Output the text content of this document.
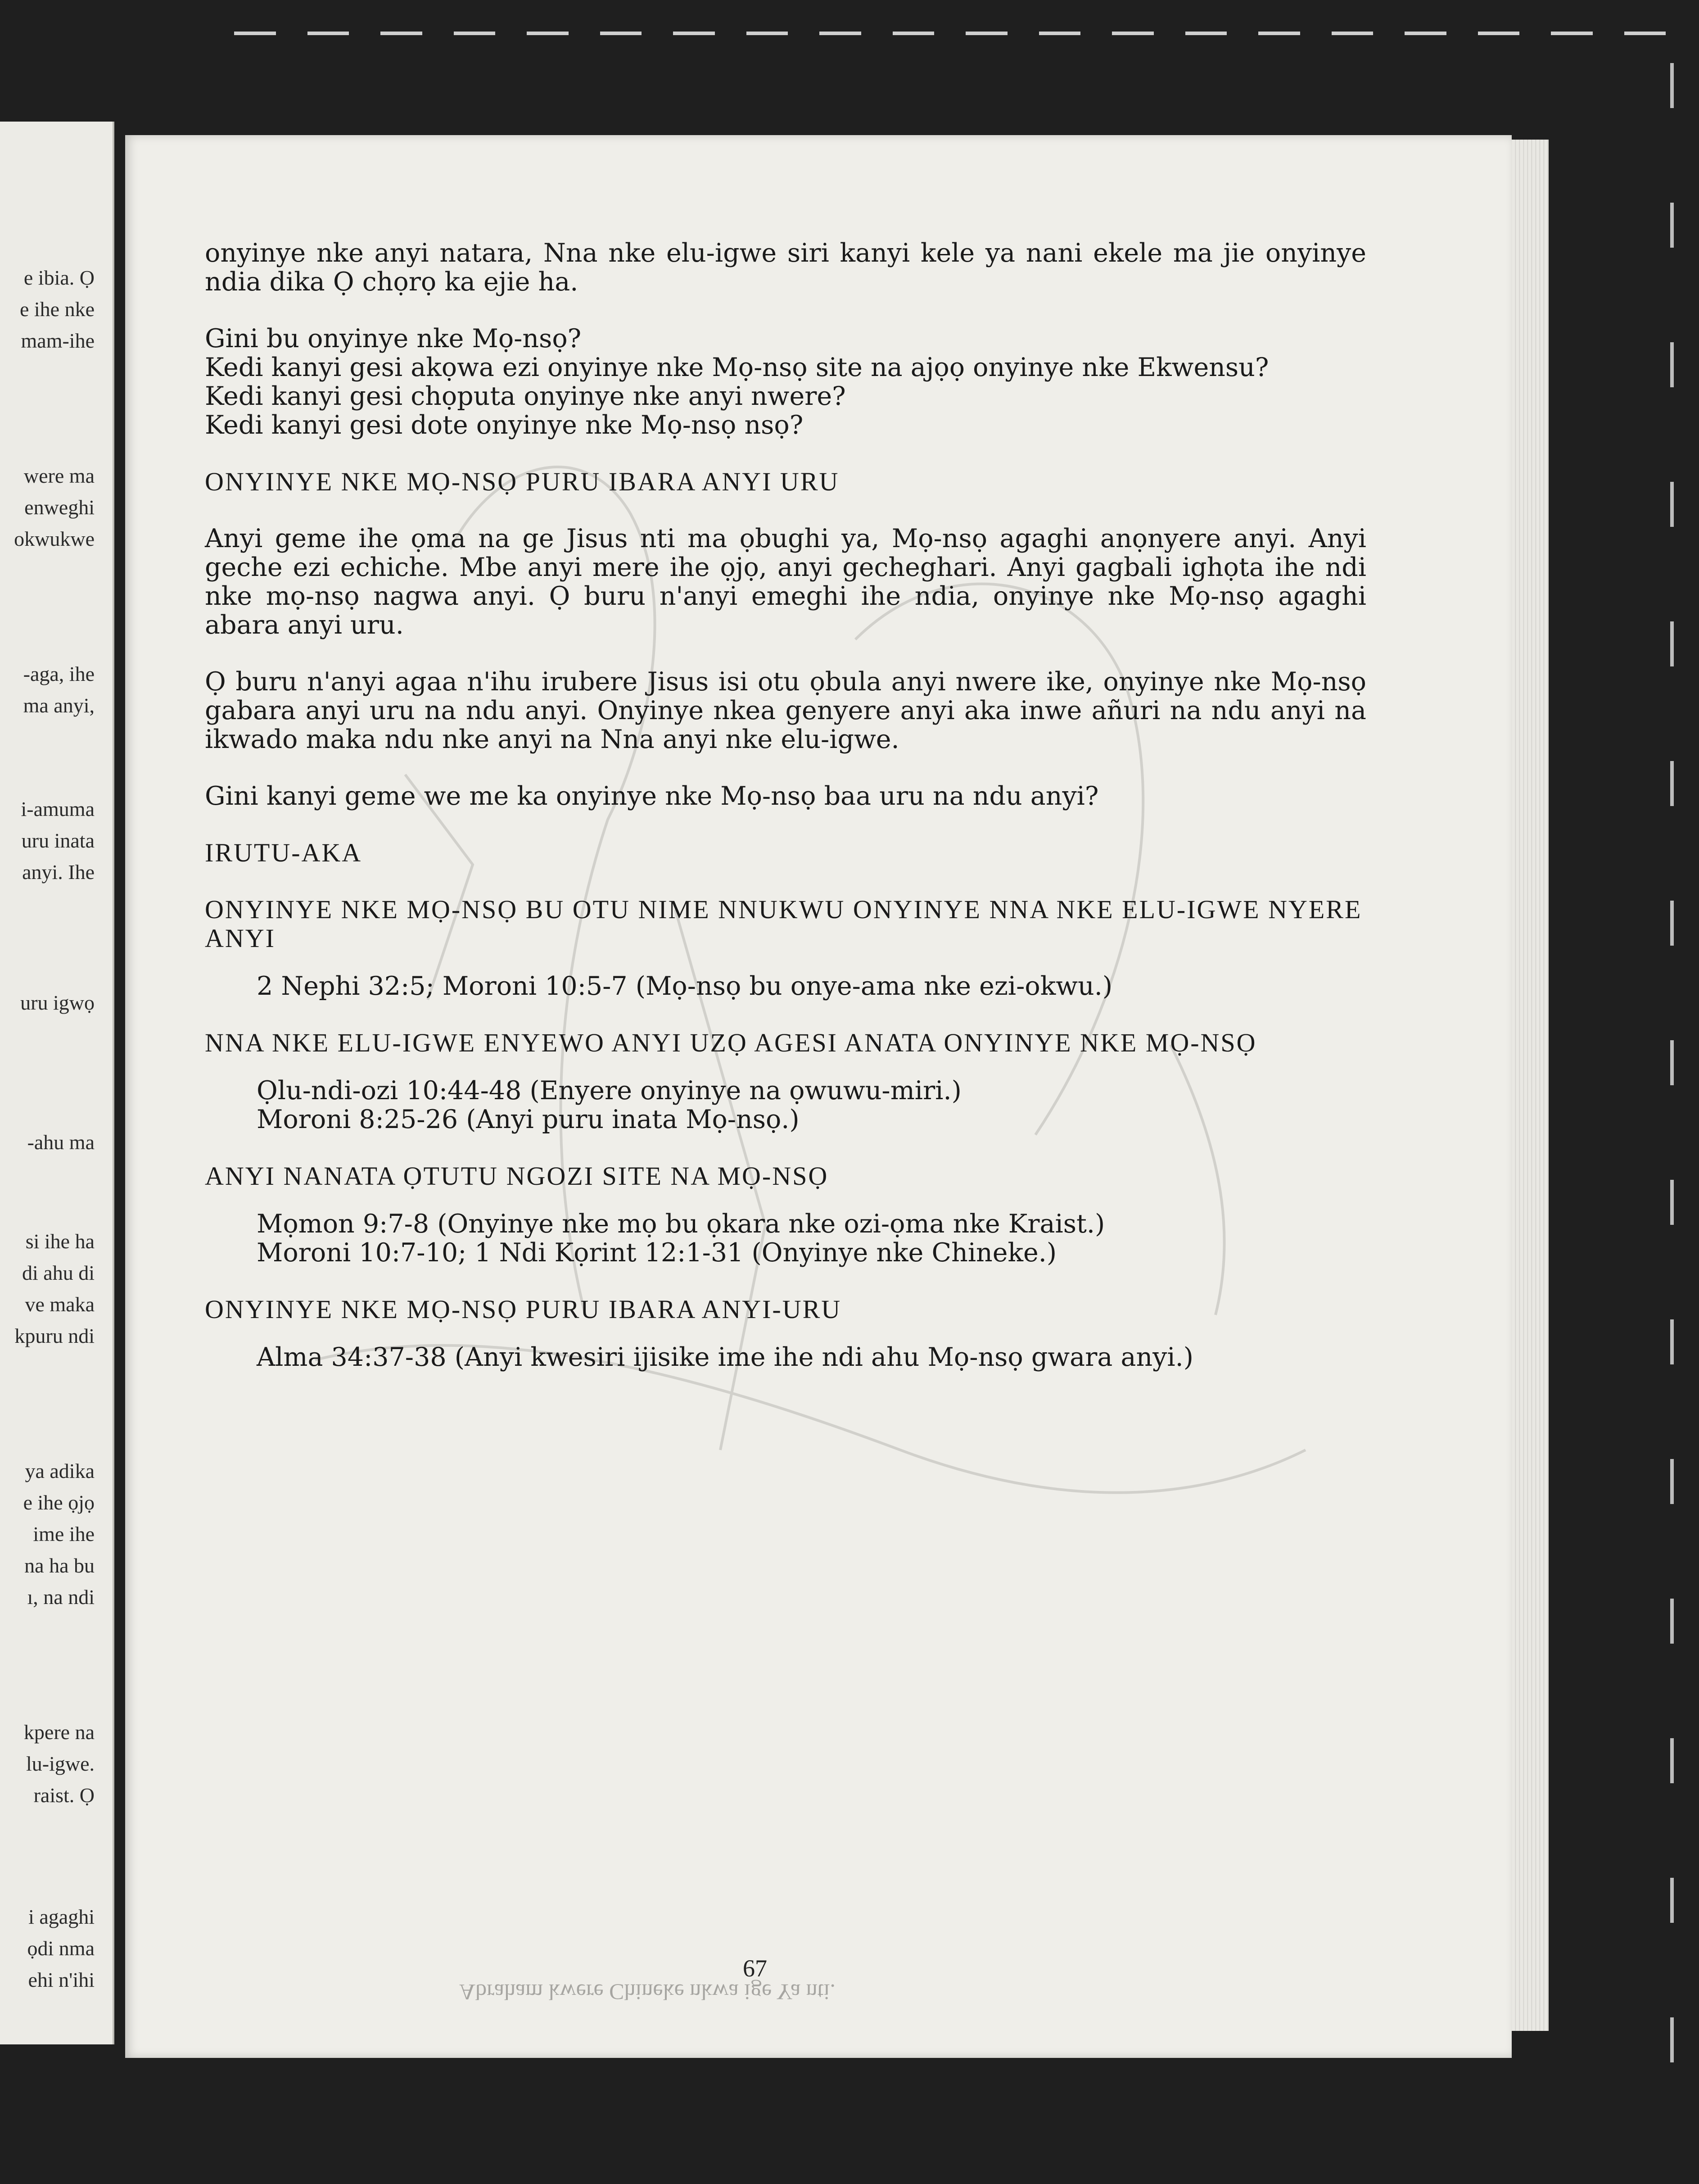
e ibia. Ọ
e ihe nke
mam-ihe
were ma
enweghi
okwukwe
-aga, ihe
ma anyi,
i-amuma
uru inata
anyi. Ihe
uru igwọ
-ahu ma
si ihe ha
di ahu di
ve maka
kpuru ndi
ya adika
e ihe ọjọ
ime ihe
na ha bu
ı, na ndi
kpere na
lu-igwe.
raist. Ọ
i agaghi
ọdi nma
ehi n'ihi

onyinye nke anyi natara, Nna nke elu-igwe siri kanyi kele ya nani ekele ma jie onyinye ndia dika Ọ chọrọ ka ejie ha.

Gini bu onyinye nke Mọ-nsọ?

Kedi kanyi gesi akọwa ezi onyinye nke Mọ-nsọ site na ajọọ onyinye nke Ekwensu?

Kedi kanyi gesi chọputa onyinye nke anyi nwere?

Kedi kanyi gesi dote onyinye nke Mọ-nsọ nsọ?

ONYINYE NKE MỌ-NSỌ PURU IBARA ANYI URU

Anyi geme ihe ọma na ge Jisus nti ma ọbughi ya, Mọ-nsọ agaghi anọnyere anyi. Anyi geche ezi echiche. Mbe anyi mere ihe ọjọ, anyi gecheghari. Anyi gagbali ighọta ihe ndi nke mọ-nsọ nagwa anyi. Ọ buru n'anyi emeghi ihe ndia, onyinye nke Mọ-nsọ agaghi abara anyi uru.

Ọ buru n'anyi agaa n'ihu irubere Jisus isi otu ọbula anyi nwere ike, onyinye nke Mọ-nsọ gabara anyi uru na ndu anyi. Onyinye nkea genyere anyi aka inwe añuri na ndu anyi na ikwado maka ndu nke anyi na Nna anyi nke elu-igwe.

Gini kanyi geme we me ka onyinye nke Mọ-nsọ baa uru na ndu anyi?

IRUTU-AKA
ONYINYE NKE MỌ-NSỌ BU OTU NIME NNUKWU ONYINYE NNA NKE ELU-IGWE NYERE ANYI

2 Nephi 32:5; Moroni 10:5-7 (Mọ-nsọ bu onye-ama nke ezi-okwu.)

NNA NKE ELU-IGWE ENYEWO ANYI UZỌ AGESI ANATA ONYINYE NKE MỌ-NSỌ

Ọlu-ndi-ozi 10:44-48 (Enyere onyinye na ọwuwu-miri.)

Moroni 8:25-26 (Anyi puru inata Mọ-nsọ.)

ANYI NANATA ỌTUTU NGOZI SITE NA MỌ-NSỌ

Mọmon 9:7-8 (Onyinye nke mọ bu ọkara nke ozi-ọma nke Kraist.)

Moroni 10:7-10; 1 Ndi Kọrint 12:1-31 (Onyinye nke Chineke.)

ONYINYE NKE MỌ-NSỌ PURU IBARA ANYI-URU

Alma 34:37-38 (Anyi kwesiri ijisike ime ihe ndi ahu Mọ-nsọ gwara anyi.)

67
Abraham kwere Chineke nkwa ige Ya nti.
